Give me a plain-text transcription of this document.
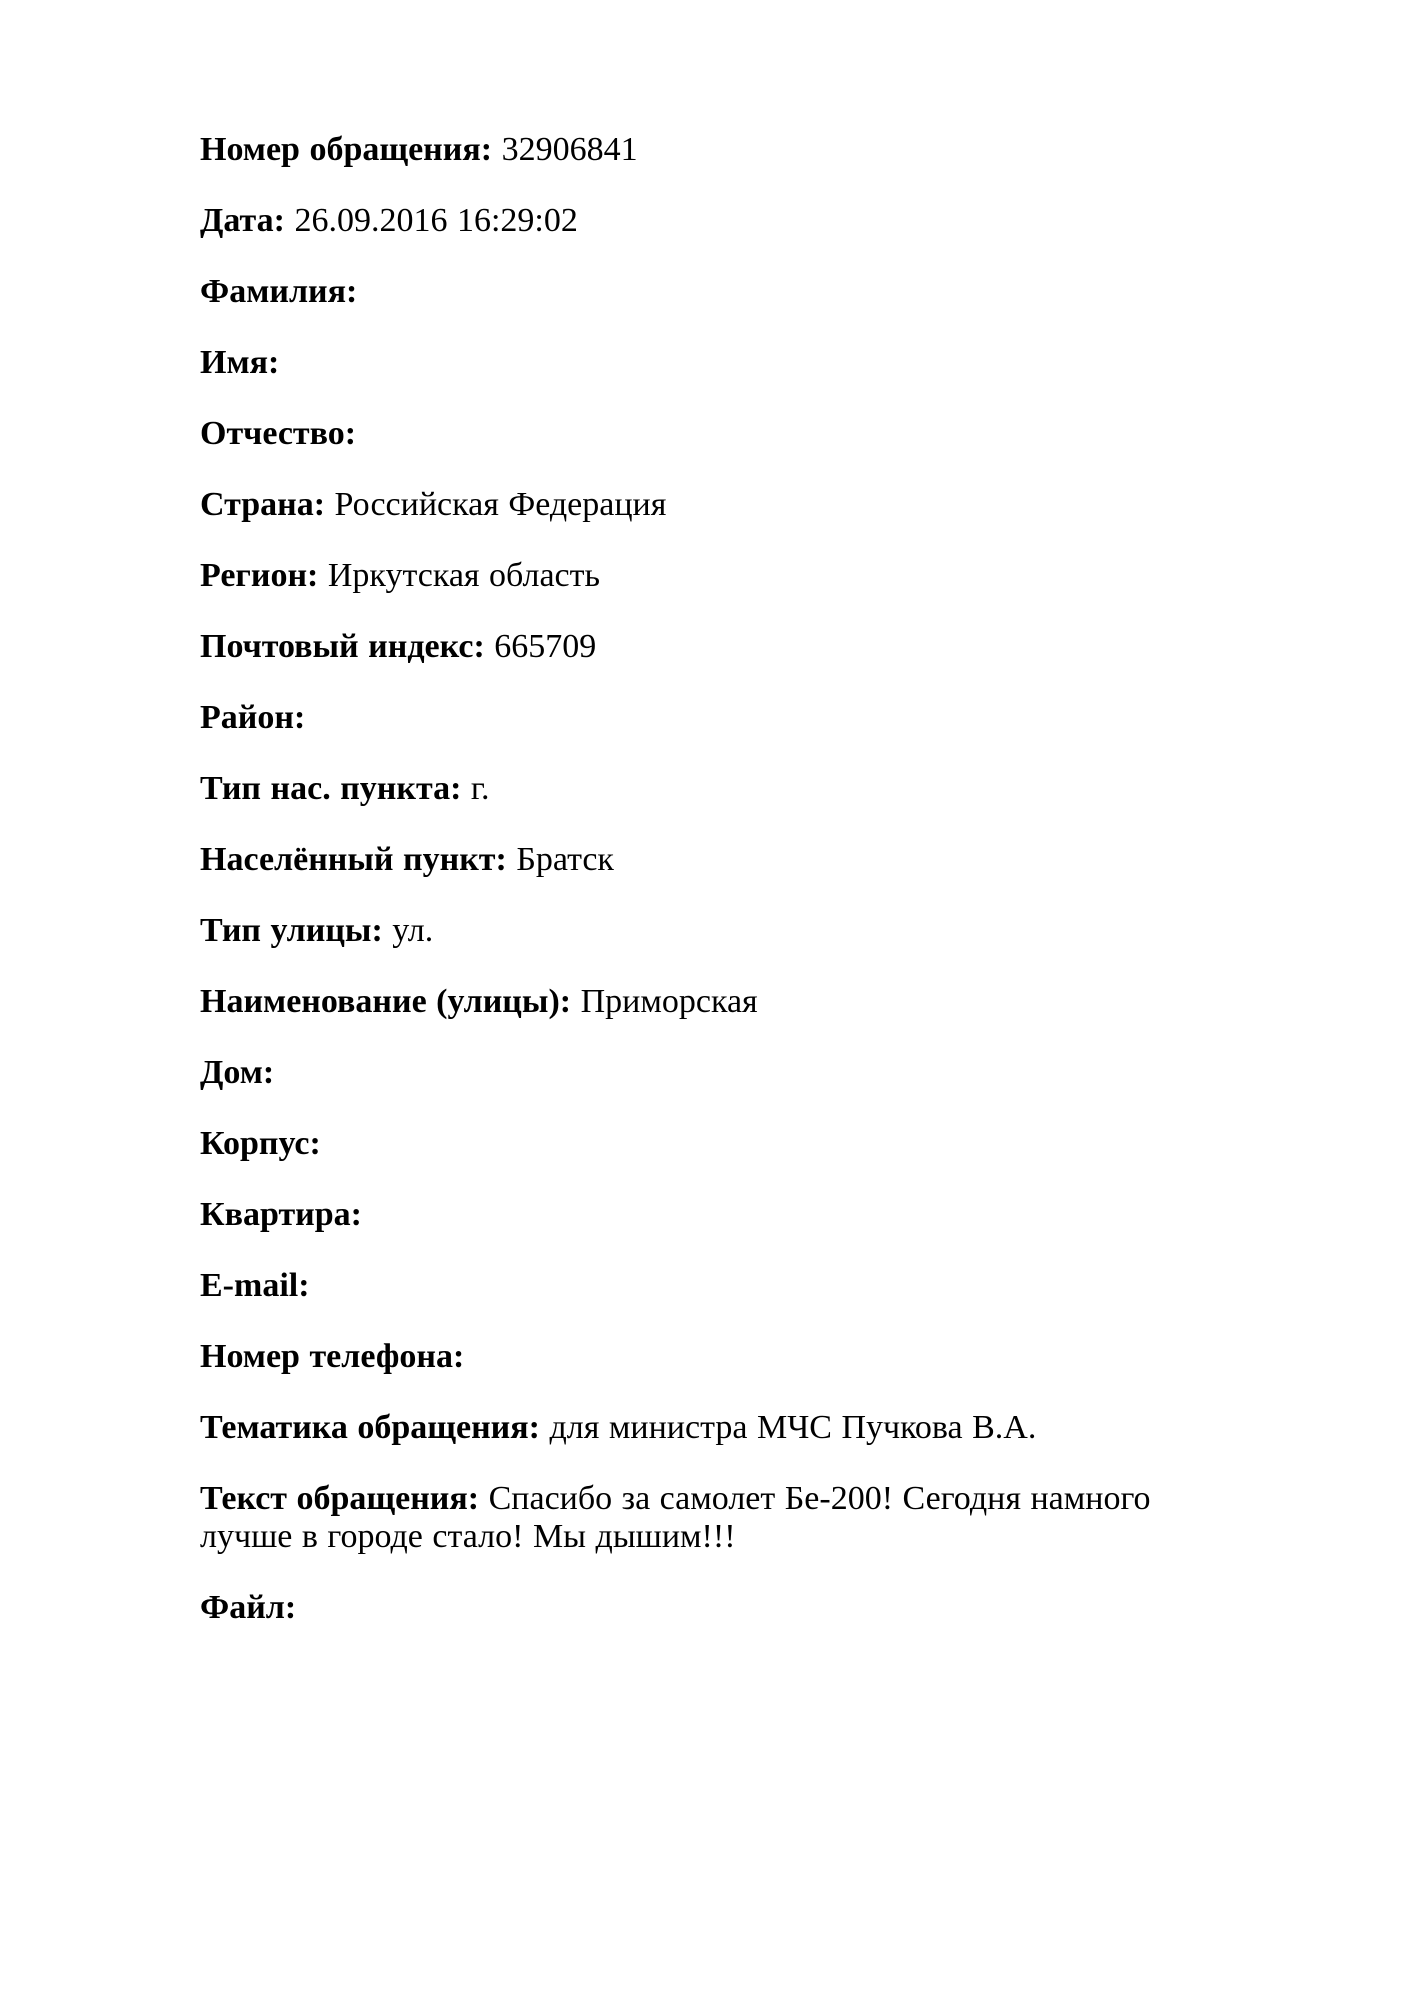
Номер обращения: 32906841

Дата: 26.09.2016 16:29:02

Фамилия:

Имя:

Отчество:

Страна: Российская Федерация

Регион: Иркутская область

Почтовый индекс: 665709

Район:

Тип нас. пункта: г.

Населённый пункт: Братск

Тип улицы: ул.

Наименование (улицы): Приморская

Дом:

Корпус:

Квартира:

E-mail:

Номер телефона:

Тематика обращения: для министра МЧС Пучкова В.А.

Текст обращения: Спасибо за самолет Бе-200! Сегодня намного лучше в городе стало! Мы дышим!!!

Файл:
